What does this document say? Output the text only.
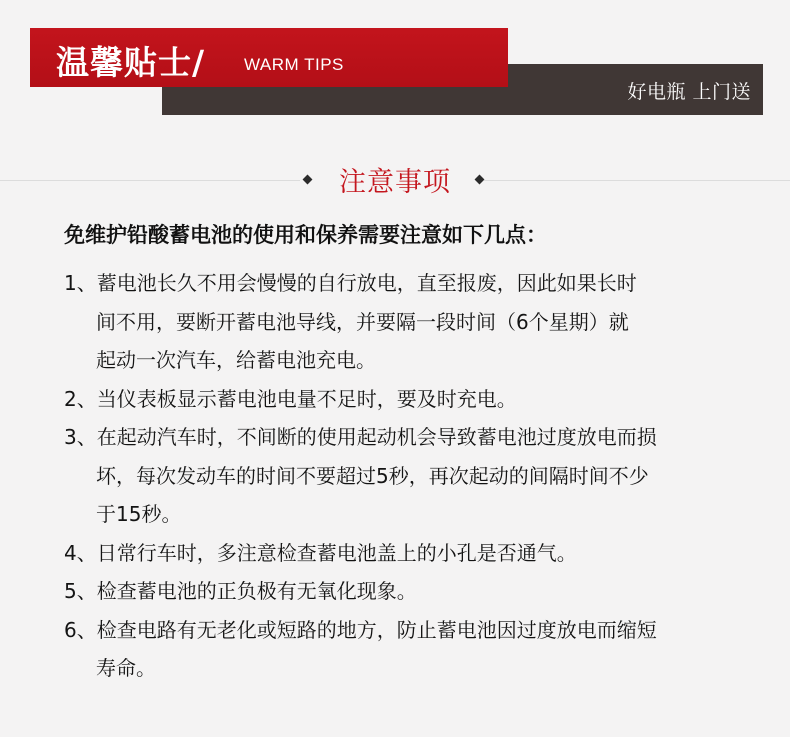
好电瓶 上门送
温馨贴士/ WARM TIPS
注意事项
免维护铅酸蓄电池的使用和保养需要注意如下几点：
1、蓄电池长久不用会慢慢的自行放电，直至报废，因此如果长时
间不用，要断开蓄电池导线，并要隔一段时间（6个星期）就
起动一次汽车，给蓄电池充电。
2、当仪表板显示蓄电池电量不足时，要及时充电。
3、在起动汽车时，不间断的使用起动机会导致蓄电池过度放电而损
坏，每次发动车的时间不要超过5秒，再次起动的间隔时间不少
于15秒。
4、日常行车时，多注意检查蓄电池盖上的小孔是否通气。
5、检查蓄电池的正负极有无氧化现象。
6、检查电路有无老化或短路的地方，防止蓄电池因过度放电而缩短
寿命。
